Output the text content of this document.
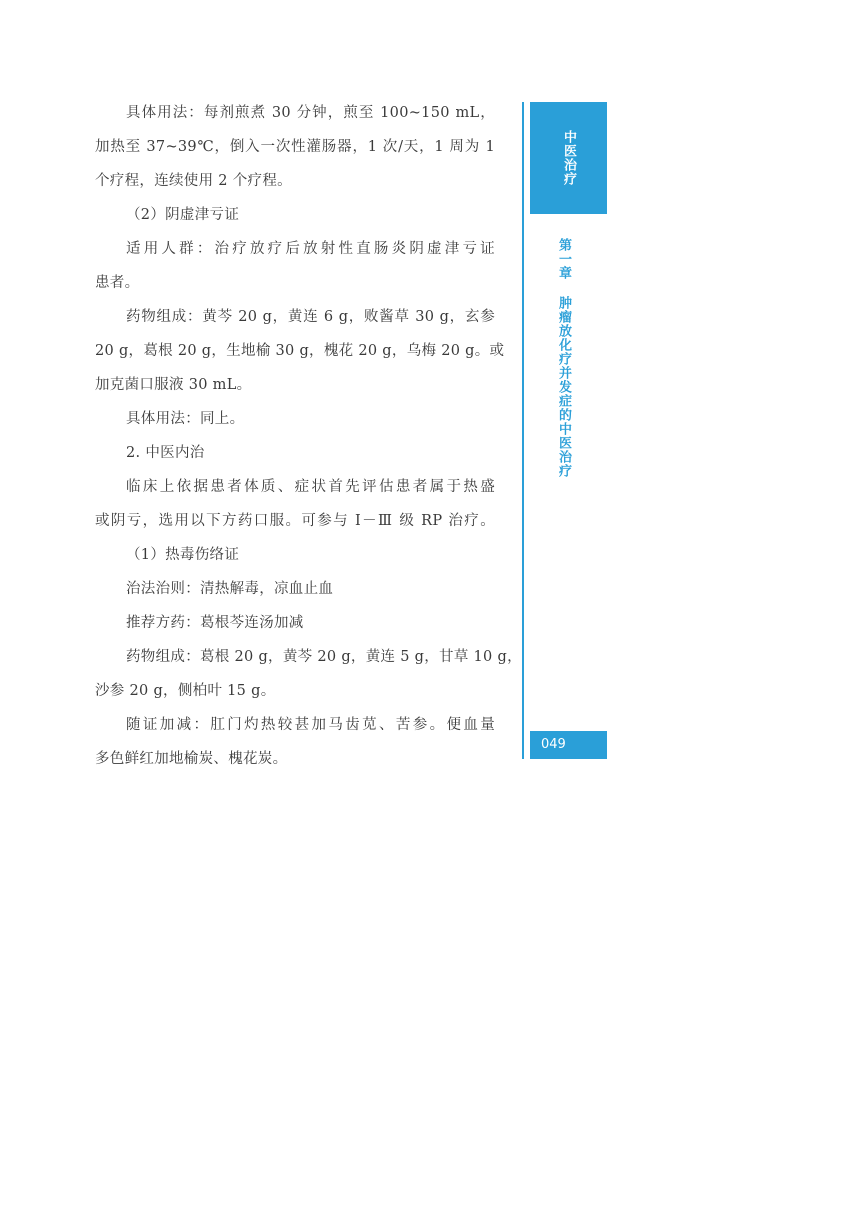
具体用法：每剂煎煮 30 分钟，煎至 100~150 mL，
加热至 37~39℃，倒入一次性灌肠器，1 次/天，1 周为 1
个疗程，连续使用 2 个疗程。
（2）阴虚津亏证
适用人群：治疗放疗后放射性直肠炎阴虚津亏证
患者。
药物组成：黄芩 20 g，黄连 6 g，败酱草 30 g，玄参
20 g，葛根 20 g，生地榆 30 g，槐花 20 g，乌梅 20 g。或
加克菌口服液 30 mL。
具体用法：同上。
2. 中医内治
临床上依据患者体质、症状首先评估患者属于热盛
或阴亏，选用以下方药口服。可参与 Ⅰ－Ⅲ 级 RP 治疗。
（1）热毒伤络证
治法治则：清热解毒，凉血止血
推荐方药：葛根芩连汤加减
药物组成：葛根 20 g，黄芩 20 g，黄连 5 g，甘草 10 g，
沙参 20 g，侧柏叶 15 g。
随证加减：肛门灼热较甚加马齿苋、苦参。便血量
多色鲜红加地榆炭、槐花炭。
中医治疗
第一章 肿瘤放化疗并发症的中医治疗
049
